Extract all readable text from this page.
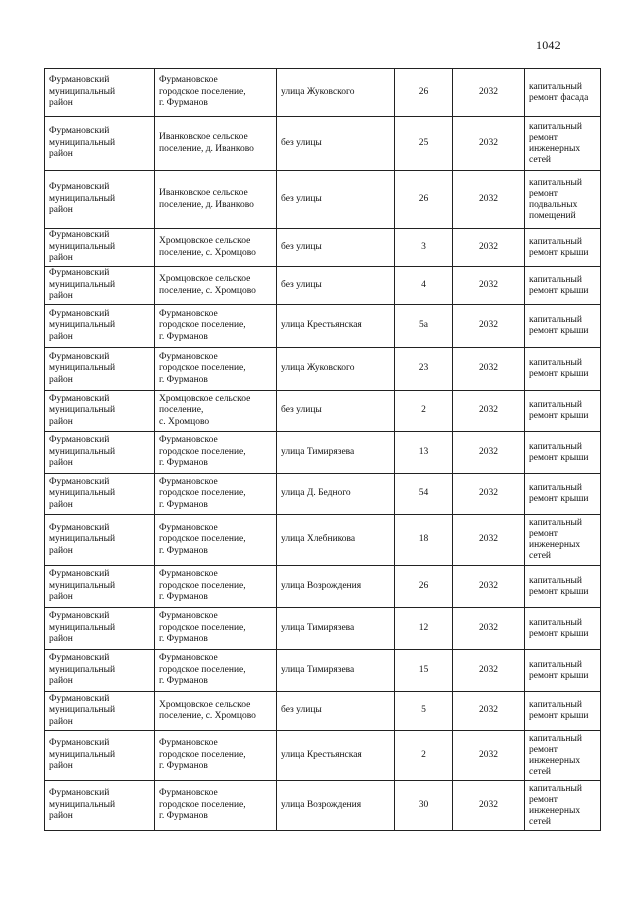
1042
Фурмановский
муниципальный
район	Фурмановское
городское поселение,
г. Фурманов	улица Жуковского	26	2032	капитальный
ремонт фасада

Фурмановский
муниципальный
район	Иванковское сельское
поселение, д. Иванково	без улицы	25	2032	капитальный
ремонт
инженерных
сетей

Фурмановский
муниципальный
район	Иванковское сельское
поселение, д. Иванково	без улицы	26	2032	капитальный
ремонт
подвальных
помещений

Фурмановский
муниципальный
район	Хромцовское сельское
поселение, с. Хромцово	без улицы	3	2032	капитальный
ремонт крыши

Фурмановский
муниципальный
район	Хромцовское сельское
поселение, с. Хромцово	без улицы	4	2032	капитальный
ремонт крыши

Фурмановский
муниципальный
район	Фурмановское
городское поселение,
г. Фурманов	улица Крестьянская	5а	2032	капитальный
ремонт крыши

Фурмановский
муниципальный
район	Фурмановское
городское поселение,
г. Фурманов	улица Жуковского	23	2032	капитальный
ремонт крыши

Фурмановский
муниципальный
район	Хромцовское сельское
поселение,
с. Хромцово	без улицы	2	2032	капитальный
ремонт крыши

Фурмановский
муниципальный
район	Фурмановское
городское поселение,
г. Фурманов	улица Тимирязева	13	2032	капитальный
ремонт крыши

Фурмановский
муниципальный
район	Фурмановское
городское поселение,
г. Фурманов	улица Д. Бедного	54	2032	капитальный
ремонт крыши

Фурмановский
муниципальный
район	Фурмановское
городское поселение,
г. Фурманов	улица Хлебникова	18	2032	капитальный
ремонт
инженерных
сетей

Фурмановский
муниципальный
район	Фурмановское
городское поселение,
г. Фурманов	улица Возрождения	26	2032	капитальный
ремонт крыши

Фурмановский
муниципальный
район	Фурмановское
городское поселение,
г. Фурманов	улица Тимирязева	12	2032	капитальный
ремонт крыши

Фурмановский
муниципальный
район	Фурмановское
городское поселение,
г. Фурманов	улица Тимирязева	15	2032	капитальный
ремонт крыши

Фурмановский
муниципальный
район	Хромцовское сельское
поселение, с. Хромцово	без улицы	5	2032	капитальный
ремонт крыши

Фурмановский
муниципальный
район	Фурмановское
городское поселение,
г. Фурманов	улица Крестьянская	2	2032	капитальный
ремонт
инженерных
сетей

Фурмановский
муниципальный
район	Фурмановское
городское поселение,
г. Фурманов	улица Возрождения	30	2032	капитальный
ремонт
инженерных
сетей
